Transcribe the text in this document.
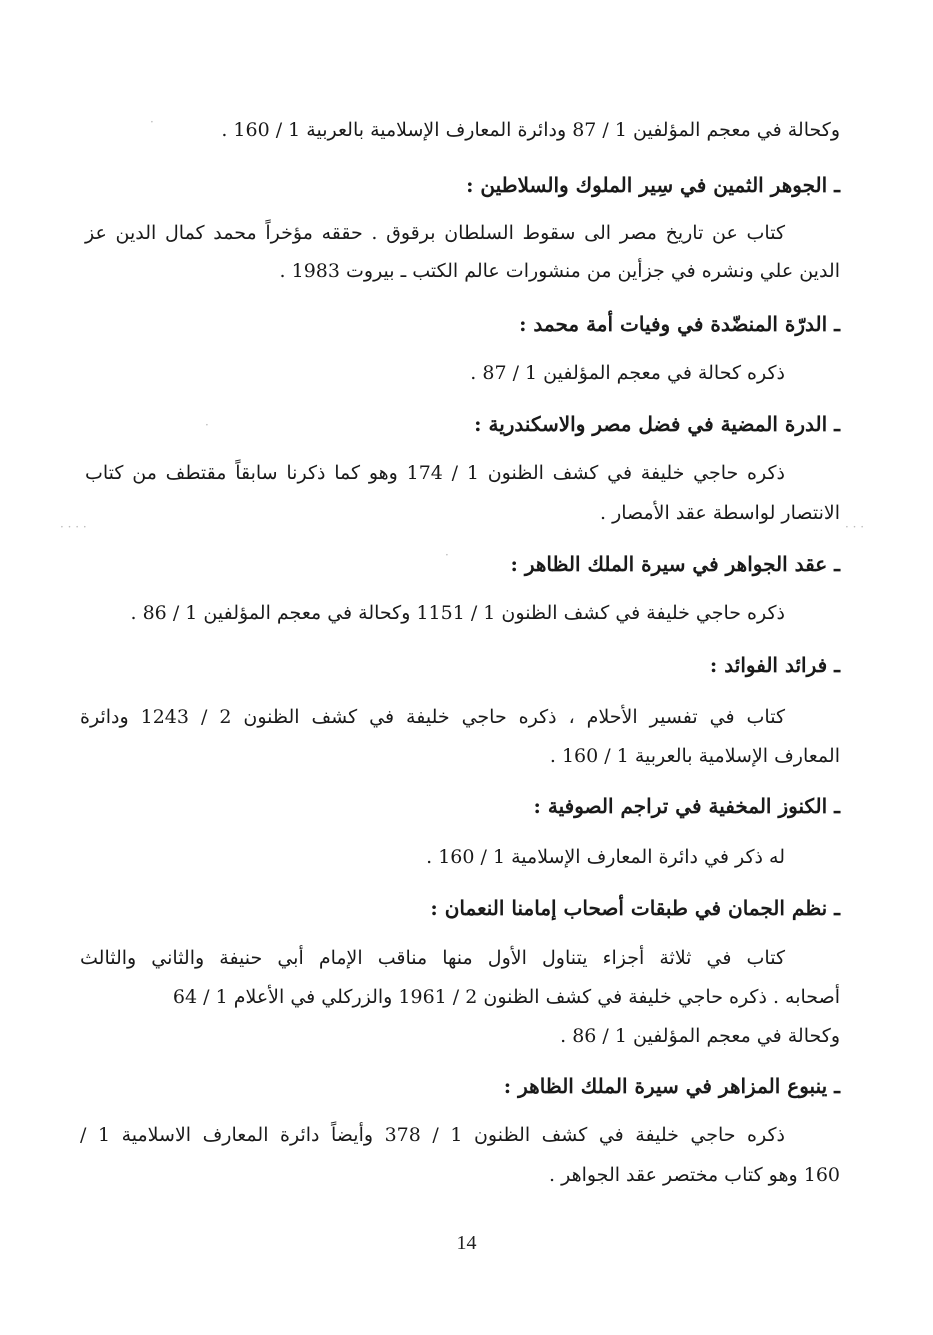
وكحالة في معجم المؤلفين 1 / 87 ودائرة المعارف الإسلامية بالعربية 1 / 160 .
ـ الجوهر الثمين في سِير الملوك والسلاطين :
كتاب عن تاريخ مصر الى سقوط السلطان برقوق . حققه مؤخراً محمد كمال الدين عز
الدين علي ونشره في جزأين من منشورات عالم الكتب ـ بيروت 1983 .
ـ الدرّة المنضّدة في وفيات أمة محمد :
ذكره كحالة في معجم المؤلفين 1 / 87 .
ـ الدرة المضية في فضل مصر والاسكندرية :
ذكره حاجي خليفة في كشف الظنون 1 / 174 وهو كما ذكرنا سابقاً مقتطف من كتاب
الانتصار لواسطة عقد الأمصار .
ـ عقد الجواهر في سيرة الملك الظاهر :
ذكره حاجي خليفة في كشف الظنون 1 / 1151 وكحالة في معجم المؤلفين 1 / 86 .
ـ فرائد الفوائد :
كتاب في تفسير الأحلام ، ذكره حاجي خليفة في كشف الظنون 2 / 1243 ودائرة
المعارف الإسلامية بالعربية 1 / 160 .
ـ الكنوز المخفية في تراجم الصوفية :
له ذكر في دائرة المعارف الإسلامية 1 / 160 .
ـ نظم الجمان في طبقات أصحاب إمامنا النعمان :
كتاب في ثلاثة أجزاء يتناول الأول منها مناقب الإمام أبي حنيفة والثاني والثالث
أصحابه . ذكره حاجي خليفة في كشف الظنون 2 / 1961 والزركلي في الأعلام 1 / 64
وكحالة في معجم المؤلفين 1 / 86 .
ـ ينبوع المزاهر في سيرة الملك الظاهر :
ذكره حاجي خليفة في كشف الظنون 1 / 378 وأيضاً دائرة المعارف الاسلامية 1 /
160 وهو كتاب مختصر عقد الجواهر .
14
·
· · · ·	· · ·
·
·
